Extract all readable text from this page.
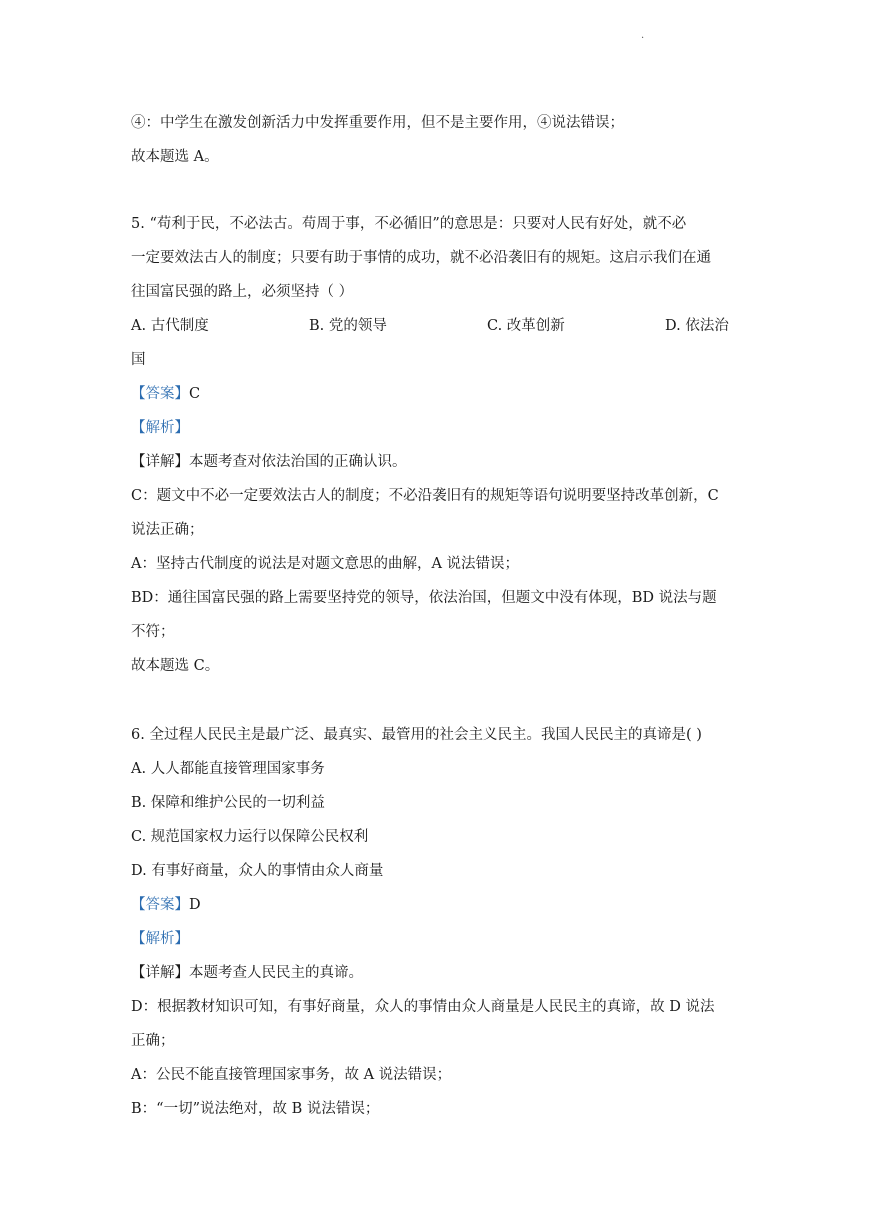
.
④：中学生在激发创新活力中发挥重要作用，但不是主要作用，④说法错误；
故本题选 A。
5. “苟利于民，不必法古。苟周于事，不必循旧”的意思是：只要对人民有好处，就不必
一定要效法古人的制度；只要有助于事情的成功，就不必沿袭旧有的规矩。这启示我们在通
往国富民强的路上，必须坚持（ ）
A. 古代制度	B. 党的领导	C. 改革创新	D. 依法治
国
【答案】C
【解析】
【详解】本题考查对依法治国的正确认识。
C：题文中不必一定要效法古人的制度；不必沿袭旧有的规矩等语句说明要坚持改革创新，C
说法正确；
A：坚持古代制度的说法是对题文意思的曲解，A 说法错误；
BD：通往国富民强的路上需要坚持党的领导，依法治国，但题文中没有体现，BD 说法与题
不符；
故本题选 C。
6. 全过程人民民主是最广泛、最真实、最管用的社会主义民主。我国人民民主的真谛是( )
A. 人人都能直接管理国家事务
B. 保障和维护公民的一切利益
C. 规范国家权力运行以保障公民权利
D. 有事好商量，众人的事情由众人商量
【答案】D
【解析】
【详解】本题考查人民民主的真谛。
D：根据教材知识可知，有事好商量，众人的事情由众人商量是人民民主的真谛，故 D 说法
正确；
A：公民不能直接管理国家事务，故 A 说法错误；
B：“一切”说法绝对，故 B 说法错误；
